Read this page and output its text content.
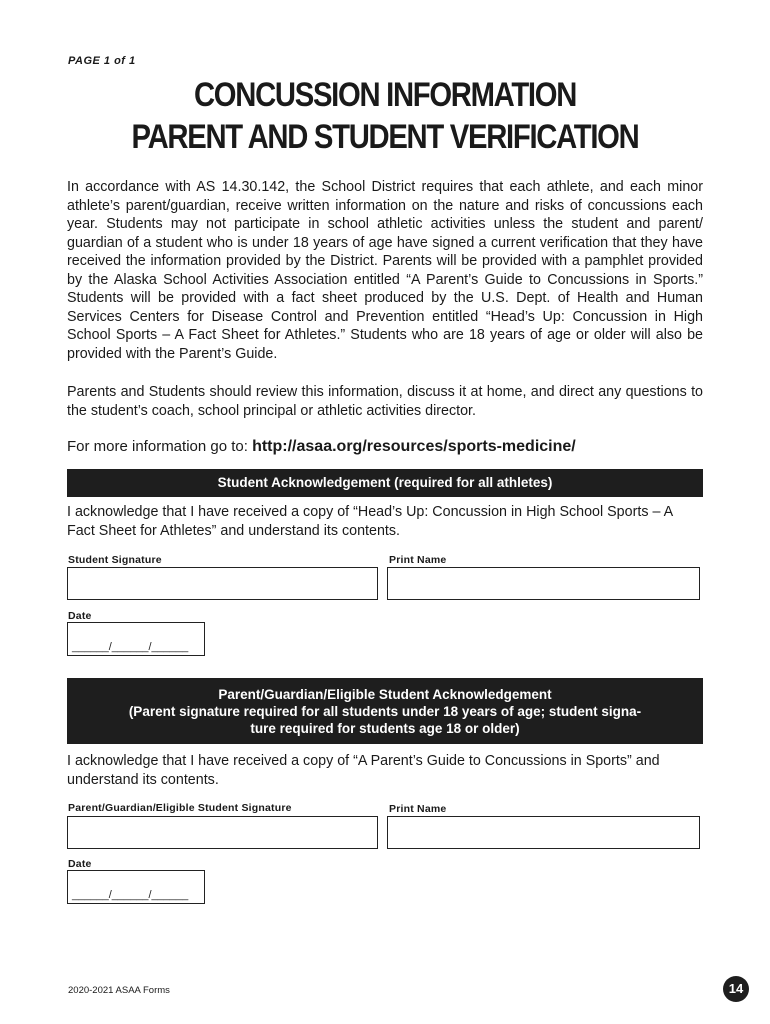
PAGE 1 of 1
CONCUSSION INFORMATION
PARENT AND STUDENT VERIFICATION
In accordance with AS 14.30.142, the School District requires that each athlete, and each minor athlete’s parent/guardian, receive written information on the nature and risks of concussions each year. Students may not participate in school athletic activities unless the student and parent/ guardian of a student who is under 18 years of age have signed a current verification that they have received the information provided by the District. Parents will be provided with a pamphlet provided by the Alaska School Activities Association entitled “A Parent’s Guide to Concussions in Sports.” Students will be provided with a fact sheet produced by the U.S. Dept. of Health and Human Services Centers for Disease Control and Prevention entitled “Head’s Up: Concussion in High School Sports – A Fact Sheet for Athletes.” Students who are 18 years of age or older will also be provided with the Parent’s Guide.
Parents and Students should review this information, discuss it at home, and direct any questions to the student’s coach, school principal or athletic activities director.
For more information go to: http://asaa.org/resources/sports-medicine/
Student Acknowledgement (required for all athletes)
I acknowledge that I have received a copy of “Head’s Up: Concussion in High School Sports – A Fact Sheet for Athletes” and understand its contents.
Student Signature	Print Name
Date
______/______/______
Parent/Guardian/Eligible Student Acknowledgement
(Parent signature required for all students under 18 years of age; student signa-
ture required for students age 18 or older)
I acknowledge that I have received a copy of “A Parent’s Guide to Concussions in Sports” and understand its contents.
Parent/Guardian/Eligible Student Signature	Print Name
Date
______/______/______
2020-2021 ASAA Forms	14
